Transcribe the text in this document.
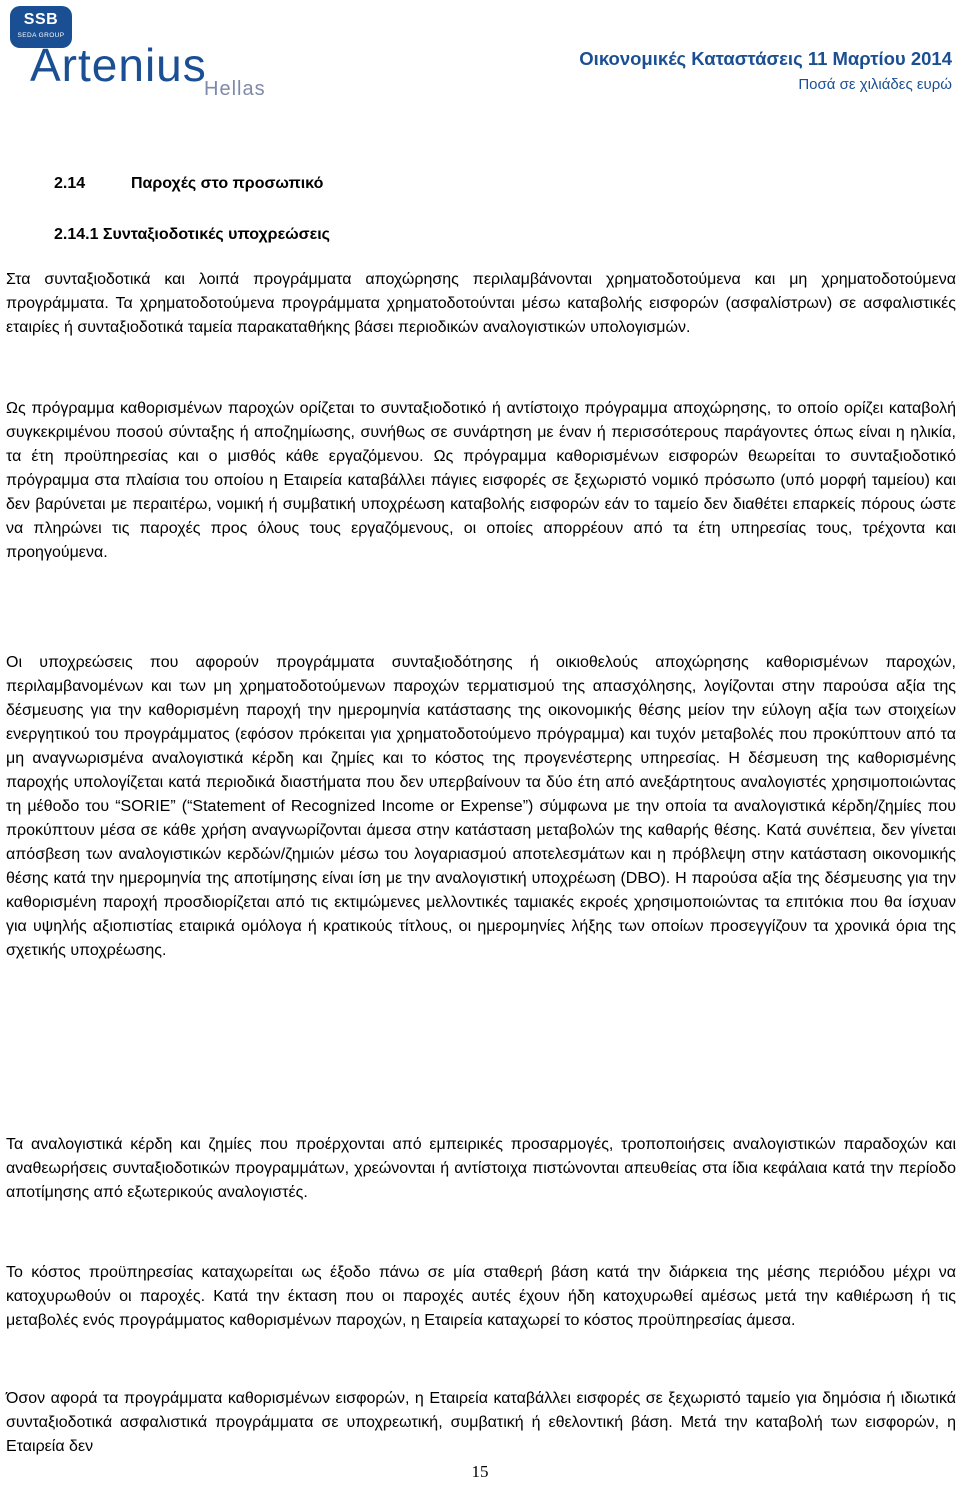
SSB
SEDA GROUP
Artenius
Hellas
Οικονομικές Καταστάσεις 11 Μαρτίου 2014
Ποσά σε χιλιάδες ευρώ
2.14	Παροχές στο προσωπικό
2.14.1 Συνταξιοδοτικές υποχρεώσεις

Στα συνταξιοδοτικά και λοιπά προγράμματα αποχώρησης περιλαμβάνονται χρηματοδοτούμενα και μη χρηματοδοτούμενα προγράμματα. Τα χρηματοδοτούμενα προγράμματα χρηματοδοτούνται μέσω καταβολής εισφορών (ασφαλίστρων) σε ασφαλιστικές εταιρίες ή συνταξιοδοτικά ταμεία παρακαταθήκης βάσει περιοδικών αναλογιστικών υπολογισμών.

Ως πρόγραμμα καθορισμένων παροχών ορίζεται το συνταξιοδοτικό ή αντίστοιχο πρόγραμμα αποχώρησης, το οποίο ορίζει καταβολή συγκεκριμένου ποσού σύνταξης ή αποζημίωσης, συνήθως σε συνάρτηση με έναν ή περισσότερους παράγοντες όπως είναι η ηλικία, τα έτη προϋπηρεσίας και ο μισθός κάθε εργαζόμενου. Ως πρόγραμμα καθορισμένων εισφορών θεωρείται το συνταξιοδοτικό πρόγραμμα στα πλαίσια του οποίου η Εταιρεία καταβάλλει πάγιες εισφορές σε ξεχωριστό νομικό πρόσωπο (υπό μορφή ταμείου) και δεν βαρύνεται με περαιτέρω, νομική ή συμβατική υποχρέωση καταβολής εισφορών εάν το ταμείο δεν διαθέτει επαρκείς πόρους ώστε να πληρώνει τις παροχές προς όλους τους εργαζόμενους, οι οποίες απορρέουν από τα έτη υπηρεσίας τους, τρέχοντα και προηγούμενα.

Οι υποχρεώσεις που αφορούν προγράμματα συνταξιοδότησης ή οικιοθελούς αποχώρησης καθορισμένων παροχών, περιλαμβανομένων και των μη χρηματοδοτούμενων παροχών τερματισμού της απασχόλησης, λογίζονται στην παρούσα αξία της δέσμευσης για την καθορισμένη παροχή την ημερομηνία κατάστασης της οικονομικής θέσης μείον την εύλογη αξία των στοιχείων ενεργητικού του προγράμματος (εφόσον πρόκειται για χρηματοδοτούμενο πρόγραμμα) και τυχόν μεταβολές που προκύπτουν από τα μη αναγνωρισμένα αναλογιστικά κέρδη και ζημίες και το κόστος της προγενέστερης υπηρεσίας. Η δέσμευση της καθορισμένης παροχής υπολογίζεται κατά περιοδικά διαστήματα που δεν υπερβαίνουν τα δύο έτη από ανεξάρτητους αναλογιστές χρησιμοποιώντας τη μέθοδο του “SORIE” (“Statement of Recognized Income or Expense”) σύμφωνα με την οποία τα αναλογιστικά κέρδη/ζημίες που προκύπτουν μέσα σε κάθε χρήση αναγνωρίζονται άμεσα στην κατάσταση μεταβολών της καθαρής θέσης. Κατά συνέπεια, δεν γίνεται απόσβεση των αναλογιστικών κερδών/ζημιών μέσω του λογαριασμού αποτελεσμάτων και η πρόβλεψη στην κατάσταση οικονομικής θέσης κατά την ημερομηνία της αποτίμησης είναι ίση με την αναλογιστική υποχρέωση (DBO). Η παρούσα αξία της δέσμευσης για την καθορισμένη παροχή προσδιορίζεται από τις εκτιμώμενες μελλοντικές ταμιακές εκροές χρησιμοποιώντας τα επιτόκια που θα ίσχυαν για υψηλής αξιοπιστίας εταιρικά ομόλογα ή κρατικούς τίτλους, οι ημερομηνίες λήξης των οποίων προσεγγίζουν τα χρονικά όρια της σχετικής υποχρέωσης.

Τα αναλογιστικά κέρδη και ζημίες που προέρχονται από εμπειρικές προσαρμογές, τροποποιήσεις αναλογιστικών παραδοχών και αναθεωρήσεις συνταξιοδοτικών προγραμμάτων, χρεώνονται ή αντίστοιχα πιστώνονται απευθείας στα ίδια κεφάλαια κατά την περίοδο αποτίμησης από εξωτερικούς αναλογιστές.

Το κόστος προϋπηρεσίας καταχωρείται ως έξοδο πάνω σε μία σταθερή βάση κατά την διάρκεια της μέσης περιόδου μέχρι να κατοχυρωθούν οι παροχές. Κατά την έκταση που οι παροχές αυτές έχουν ήδη κατοχυρωθεί αμέσως μετά την καθιέρωση ή τις μεταβολές ενός προγράμματος καθορισμένων παροχών, η Εταιρεία καταχωρεί το κόστος προϋπηρεσίας άμεσα.

Όσον αφορά τα προγράμματα καθορισμένων εισφορών, η Εταιρεία καταβάλλει εισφορές σε ξεχωριστό ταμείο για δημόσια ή ιδιωτικά συνταξιοδοτικά ασφαλιστικά προγράμματα σε υποχρεωτική, συμβατική ή εθελοντική βάση. Μετά την καταβολή των εισφορών, η Εταιρεία δεν

15
